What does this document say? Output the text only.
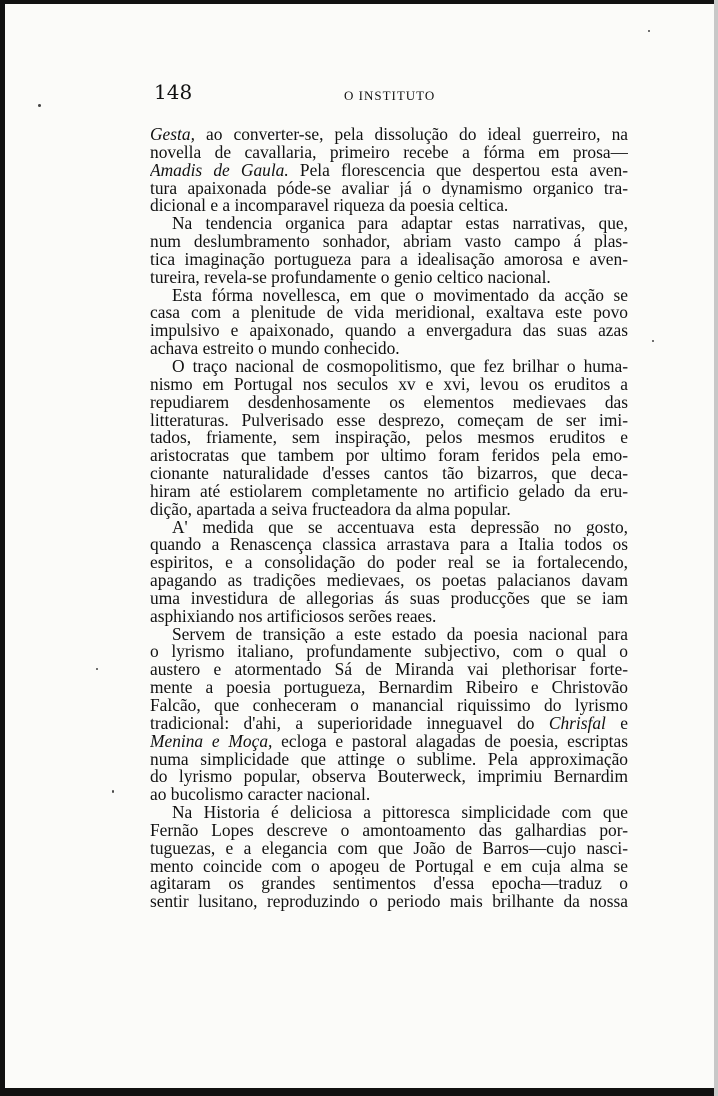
148	O INSTITUTO

Gesta, ao converter-se, pela dissolução do ideal guerreiro, na
novella de cavallaria, primeiro recebe a fórma em prosa—
Amadis de Gaula. Pela florescencia que despertou esta aven-
tura apaixonada póde-se avaliar já o dynamismo organico tra-
dicional e a incomparavel riqueza da poesia celtica.
Na tendencia organica para adaptar estas narrativas, que,
num deslumbramento sonhador, abriam vasto campo á plas-
tica imaginação portugueza para a idealisação amorosa e aven-
tureira, revela-se profundamente o genio celtico nacional.
Esta fórma novellesca, em que o movimentado da acção se
casa com a plenitude de vida meridional, exaltava este povo
impulsivo e apaixonado, quando a envergadura das suas azas
achava estreito o mundo conhecido.
O traço nacional de cosmopolitismo, que fez brilhar o huma-
nismo em Portugal nos seculos xv e xvi, levou os eruditos a
repudiarem desdenhosamente os elementos medievaes das
litteraturas. Pulverisado esse desprezo, começam de ser imi-
tados, friamente, sem inspiração, pelos mesmos eruditos e
aristocratas que tambem por ultimo foram feridos pela emo-
cionante naturalidade d'esses cantos tão bizarros, que deca-
hiram até estiolarem completamente no artificio gelado da eru-
dição, apartada a seiva fructeadora da alma popular.
A' medida que se accentuava esta depressão no gosto,
quando a Renascença classica arrastava para a Italia todos os
espiritos, e a consolidação do poder real se ia fortalecendo,
apagando as tradições medievaes, os poetas palacianos davam
uma investidura de allegorias ás suas producções que se iam
asphixiando nos artificiosos serões reaes.
Servem de transição a este estado da poesia nacional para
o lyrismo italiano, profundamente subjectivo, com o qual o
austero e atormentado Sá de Miranda vai plethorisar forte-
mente a poesia portugueza, Bernardim Ribeiro e Christovão
Falcão, que conheceram o manancial riquissimo do lyrismo
tradicional: d'ahi, a superioridade inneguavel do Chrisfal e
Menina e Moça, ecloga e pastoral alagadas de poesia, escriptas
numa simplicidade que attinge o sublime. Pela approximação
do lyrismo popular, observa Bouterweck, imprimiu Bernardim
ao bucolismo caracter nacional.
Na Historia é deliciosa a pittoresca simplicidade com que
Fernão Lopes descreve o amontoamento das galhardias por-
tuguezas, e a elegancia com que João de Barros—cujo nasci-
mento coincide com o apogeu de Portugal e em cuja alma se
agitaram os grandes sentimentos d'essa epocha—traduz o
sentir lusitano, reproduzindo o periodo mais brilhante da nossa
